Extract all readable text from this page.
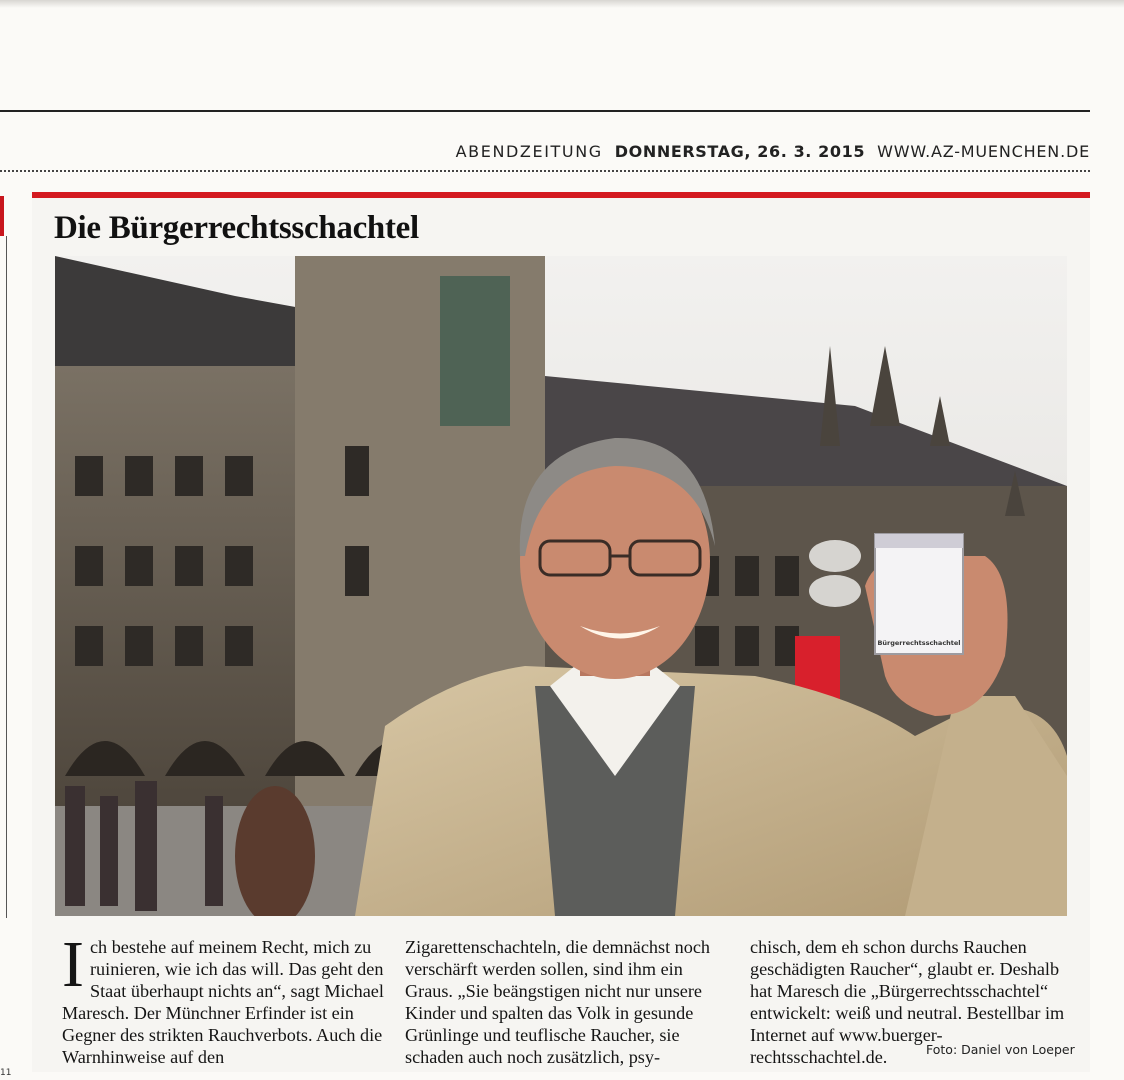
ABENDZEITUNG DONNERSTAG, 26. 3. 2015 WWW.AZ-MUENCHEN.DE
Die Bürgerrechtsschachtel
Bürgerrechtsschachtel

Ich bestehe auf meinem Recht, mich zu ruinieren, wie ich das will. Das geht den Staat überhaupt nichts an“, sagt Michael Maresch. Der Münchner Erfinder ist ein Gegner des strikten Rauchverbots. Auch die Warnhinweise auf den

Zigarettenschachteln, die demnächst noch verschärft werden sollen, sind ihm ein Graus. „Sie beängstigen nicht nur unsere Kinder und spalten das Volk in gesunde Grünlinge und teuflische Raucher, sie schaden auch noch zusätzlich, psy-

chisch, dem eh schon durchs Rauchen geschädigten Raucher“, glaubt er. Deshalb hat Maresch die „Bürgerrechtsschachtel“ entwickelt: weiß und neutral. Bestellbar im Internet auf www.buerger-rechtsschachtel.de.	Foto: Daniel von Loeper
11
